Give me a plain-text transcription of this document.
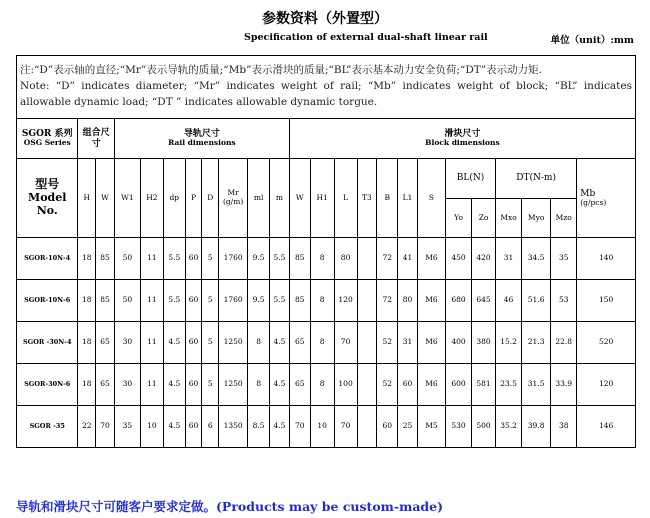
参数资料（外置型）
Specification of external dual-shaft linear rail	单位（unit）:mm
注:“D”表示轴的直径;“Mr”表示导轨的质量;“Mb”表示滑块的质量;“BL”表示基本动力安全负荷;“DT”表示动力矩.
Note: “D” indicates diameter; “Mr” indicates weight of rail; “Mb” indicates weight of block; “BL” indicates allowable dynamic load; “DT ” indicates allowable dynamic torgue.																							

SGOR 系列
OSG Series	组合尺寸		导轨尺寸
Rail dimensions								滑块尺寸
Block dimensions												

型号
Model
No.	H	W	W1	H2	dp	P	D	Mr
(g/m)	ml	m	W	H1	L	T3	B	L1	S	BL(N)		DT(N-m)			Mb
(g/pcs)

																		Yo	Zo	Mxo	Myo	Mzo	
SGOR-10N-4	18	85	50	11	5.5	60	5	1760	9.5	5.5	85	8	80		72	41	M6	450	420	31	34.5	35	140
SGOR-10N-6	18	85	50	11	5.5	60	5	1760	9.5	5.5	85	8	120		72	80	M6	680	645	46	51.6	53	150
SGOR -30N-4	18	65	30	11	4.5	60	5	1250	8	4.5	65	8	70		52	31	M6	400	380	15.2	21.3	22.8	520
SGOR-30N-6	18	65	30	11	4.5	60	5	1250	8	4.5	65	8	100		52	60	M6	600	581	23.5	31.5	33.9	120
SGOR -35	22	70	35	10	4.5	60	6	1350	8.5	4.5	70	10	70		60	25	M5	530	500	35.2	39.8	38	146
导轨和滑块尺寸可随客户要求定做。(Products may be custom-made)
